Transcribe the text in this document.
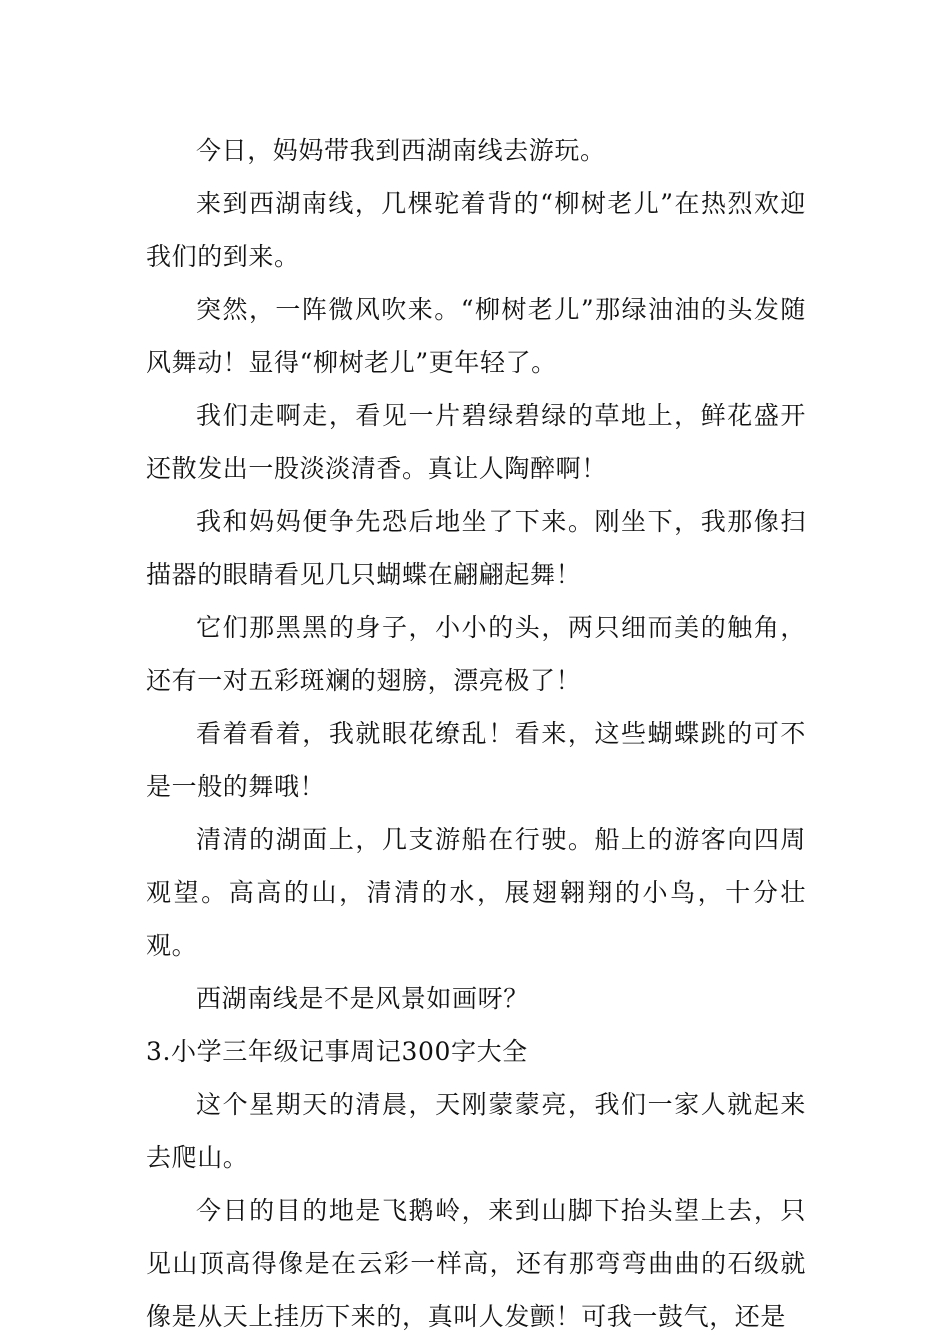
今日，妈妈带我到西湖南线去游玩。

来到西湖南线，几棵驼着背的“柳树老儿”在热烈欢迎我们的到来。

突然，一阵微风吹来。“柳树老儿”那绿油油的头发随风舞动！显得“柳树老儿”更年轻了。

我们走啊走，看见一片碧绿碧绿的草地上，鲜花盛开还散发出一股淡淡清香。真让人陶醉啊！

我和妈妈便争先恐后地坐了下来。刚坐下，我那像扫描器的眼睛看见几只蝴蝶在翩翩起舞！

它们那黑黑的身子，小小的头，两只细而美的触角，还有一对五彩斑斓的翅膀，漂亮极了！

看着看着，我就眼花缭乱！看来，这些蝴蝶跳的可不是一般的舞哦！

清清的湖面上，几支游船在行驶。船上的游客向四周观望。高高的山，清清的水，展翅翱翔的小鸟，十分壮观。

西湖南线是不是风景如画呀？

3.小学三年级记事周记300字大全

这个星期天的清晨，天刚蒙蒙亮，我们一家人就起来去爬山。

今日的目的地是飞鹅岭，来到山脚下抬头望上去，只见山顶高得像是在云彩一样高，还有那弯弯曲曲的石级就像是从天上挂历下来的，真叫人发颤！可我一鼓气，还是
